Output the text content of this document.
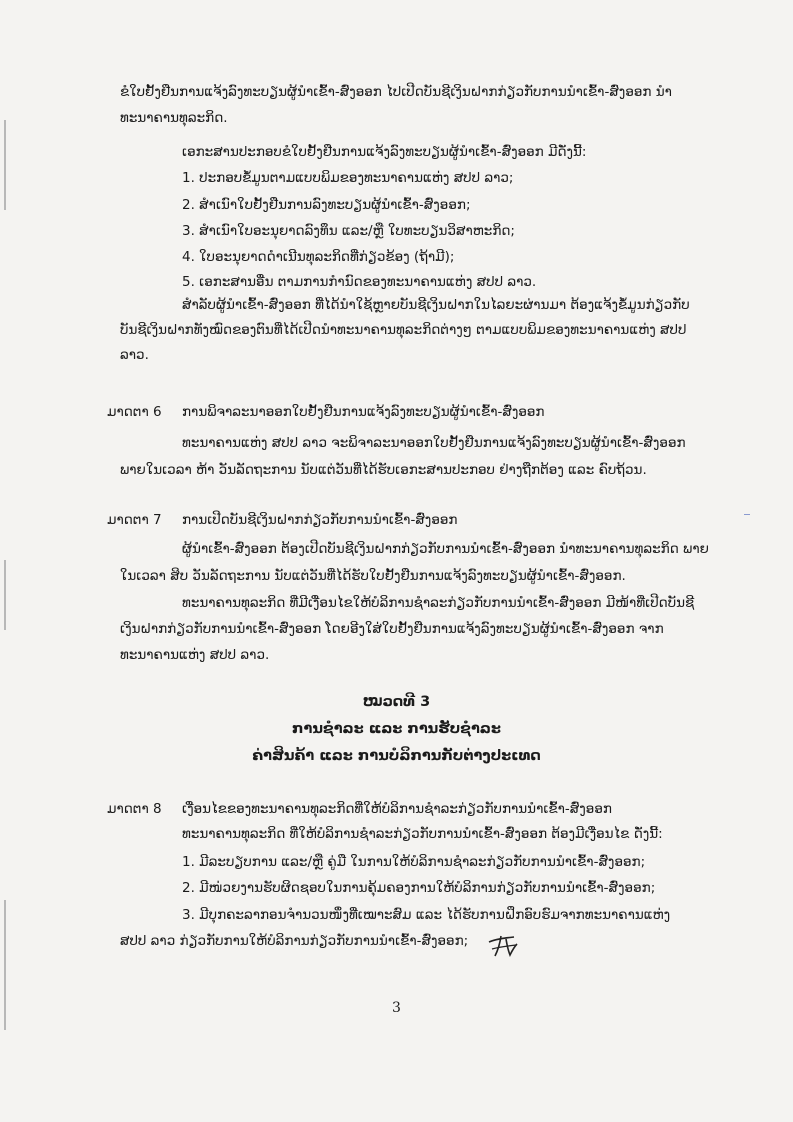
ຂໍໃບຢັ້ງຢືນການແຈ້ງລົງທະບຽນຜູ້ນໍາເຂົ້າ-ສົ່ງອອກ ໄປເປີດບັນຊີເງິນຝາກກ່ຽວກັບການນໍາເຂົ້າ-ສົ່ງອອກ ນໍາ
ທະນາຄານທຸລະກິດ.
ເອກະສານປະກອບຂໍໃບຢັ້ງຢືນການແຈ້ງລົງທະບຽນຜູ້ນໍາເຂົ້າ-ສົ່ງອອກ ມີດັ່ງນີ້:
1. ປະກອບຂໍ້ມູນຕາມແບບພິມຂອງທະນາຄານແຫ່ງ ສປປ ລາວ;
2. ສໍາເນົາໃບຢັ້ງຢືນການລົງທະບຽນຜູ້ນໍາເຂົ້າ-ສົ່ງອອກ;
3. ສໍາເນົາໃບອະນຸຍາດລົງທຶນ ແລະ/ຫຼື ໃບທະບຽນວິສາຫະກິດ;
4. ໃບອະນຸຍາດດໍາເນີນທຸລະກິດທີ່ກ່ຽວຂ້ອງ (ຖ້າມີ);
5. ເອກະສານອື່ນ ຕາມການກໍານົດຂອງທະນາຄານແຫ່ງ ສປປ ລາວ.
ສໍາລັບຜູ້ນໍາເຂົ້າ-ສົ່ງອອກ ທີ່ໄດ້ນໍາໃຊ້ຫຼາຍບັນຊີເງິນຝາກໃນໄລຍະຜ່ານມາ ຕ້ອງແຈ້ງຂໍ້ມູນກ່ຽວກັບ
ບັນຊີເງິນຝາກທັງໝົດຂອງຕົນທີ່ໄດ້ເປີດນໍາທະນາຄານທຸລະກິດຕ່າງໆ ຕາມແບບພິມຂອງທະນາຄານແຫ່ງ ສປປ
ລາວ.
ມາດຕາ 6 ການພິຈາລະນາອອກໃບຢັ້ງຢືນການແຈ້ງລົງທະບຽນຜູ້ນໍາເຂົ້າ-ສົ່ງອອກ
ທະນາຄານແຫ່ງ ສປປ ລາວ ຈະພິຈາລະນາອອກໃບຢັ້ງຢືນການແຈ້ງລົງທະບຽນຜູ້ນໍາເຂົ້າ-ສົ່ງອອກ
ພາຍໃນເວລາ ຫ້າ ວັນລັດຖະການ ນັບແຕ່ວັນທີ່ໄດ້ຮັບເອກະສານປະກອບ ຢ່າງຖືກຕ້ອງ ແລະ ຄົບຖ້ວນ.
ມາດຕາ 7 ການເປີດບັນຊີເງິນຝາກກ່ຽວກັບການນໍາເຂົ້າ-ສົ່ງອອກ
ຜູ້ນໍາເຂົ້າ-ສົ່ງອອກ ຕ້ອງເປີດບັນຊີເງິນຝາກກ່ຽວກັບການນໍາເຂົ້າ-ສົ່ງອອກ ນໍາທະນາຄານທຸລະກິດ ພາຍ
ໃນເວລາ ສິບ ວັນລັດຖະການ ນັບແຕ່ວັນທີ່ໄດ້ຮັບໃບຢັ້ງຢືນການແຈ້ງລົງທະບຽນຜູ້ນໍາເຂົ້າ-ສົ່ງອອກ.
ທະນາຄານທຸລະກິດ ທີ່ມີເງື່ອນໄຂໃຫ້ບໍລິການຊໍາລະກ່ຽວກັບການນໍາເຂົ້າ-ສົ່ງອອກ ມີໜ້າທີ່ເປີດບັນຊີ
ເງິນຝາກກ່ຽວກັບການນໍາເຂົ້າ-ສົ່ງອອກ ໂດຍອີງໃສ່ໃບຢັ້ງຢືນການແຈ້ງລົງທະບຽນຜູ້ນໍາເຂົ້າ-ສົ່ງອອກ ຈາກ
ທະນາຄານແຫ່ງ ສປປ ລາວ.
ໝວດທີ 3
ການຊໍາລະ ແລະ ການຮັບຊໍາລະ
ຄ່າສິນຄ້າ ແລະ ການບໍລິການກັບຕ່າງປະເທດ
ມາດຕາ 8 ເງື່ອນໄຂຂອງທະນາຄານທຸລະກິດທີ່ໃຫ້ບໍລິການຊໍາລະກ່ຽວກັບການນໍາເຂົ້າ-ສົ່ງອອກ
ທະນາຄານທຸລະກິດ ທີ່ໃຫ້ບໍລິການຊໍາລະກ່ຽວກັບການນໍາເຂົ້າ-ສົ່ງອອກ ຕ້ອງມີເງື່ອນໄຂ ດັ່ງນີ້:
1. ມີລະບຽບການ ແລະ/ຫຼື ຄູ່ມື ໃນການໃຫ້ບໍລິການຊໍາລະກ່ຽວກັບການນໍາເຂົ້າ-ສົ່ງອອກ;
2. ມີໜ່ວຍງານຮັບຜິດຊອບໃນການຄຸ້ມຄອງການໃຫ້ບໍລິການກ່ຽວກັບການນໍາເຂົ້າ-ສົ່ງອອກ;
3. ມີບຸກຄະລາກອນຈໍານວນໜຶ່ງທີ່ເໝາະສົມ ແລະ ໄດ້ຮັບການຝຶກອົບຮົມຈາກທະນາຄານແຫ່ງ
ສປປ ລາວ ກ່ຽວກັບການໃຫ້ບໍລິການກ່ຽວກັບການນໍາເຂົ້າ-ສົ່ງອອກ;
3
